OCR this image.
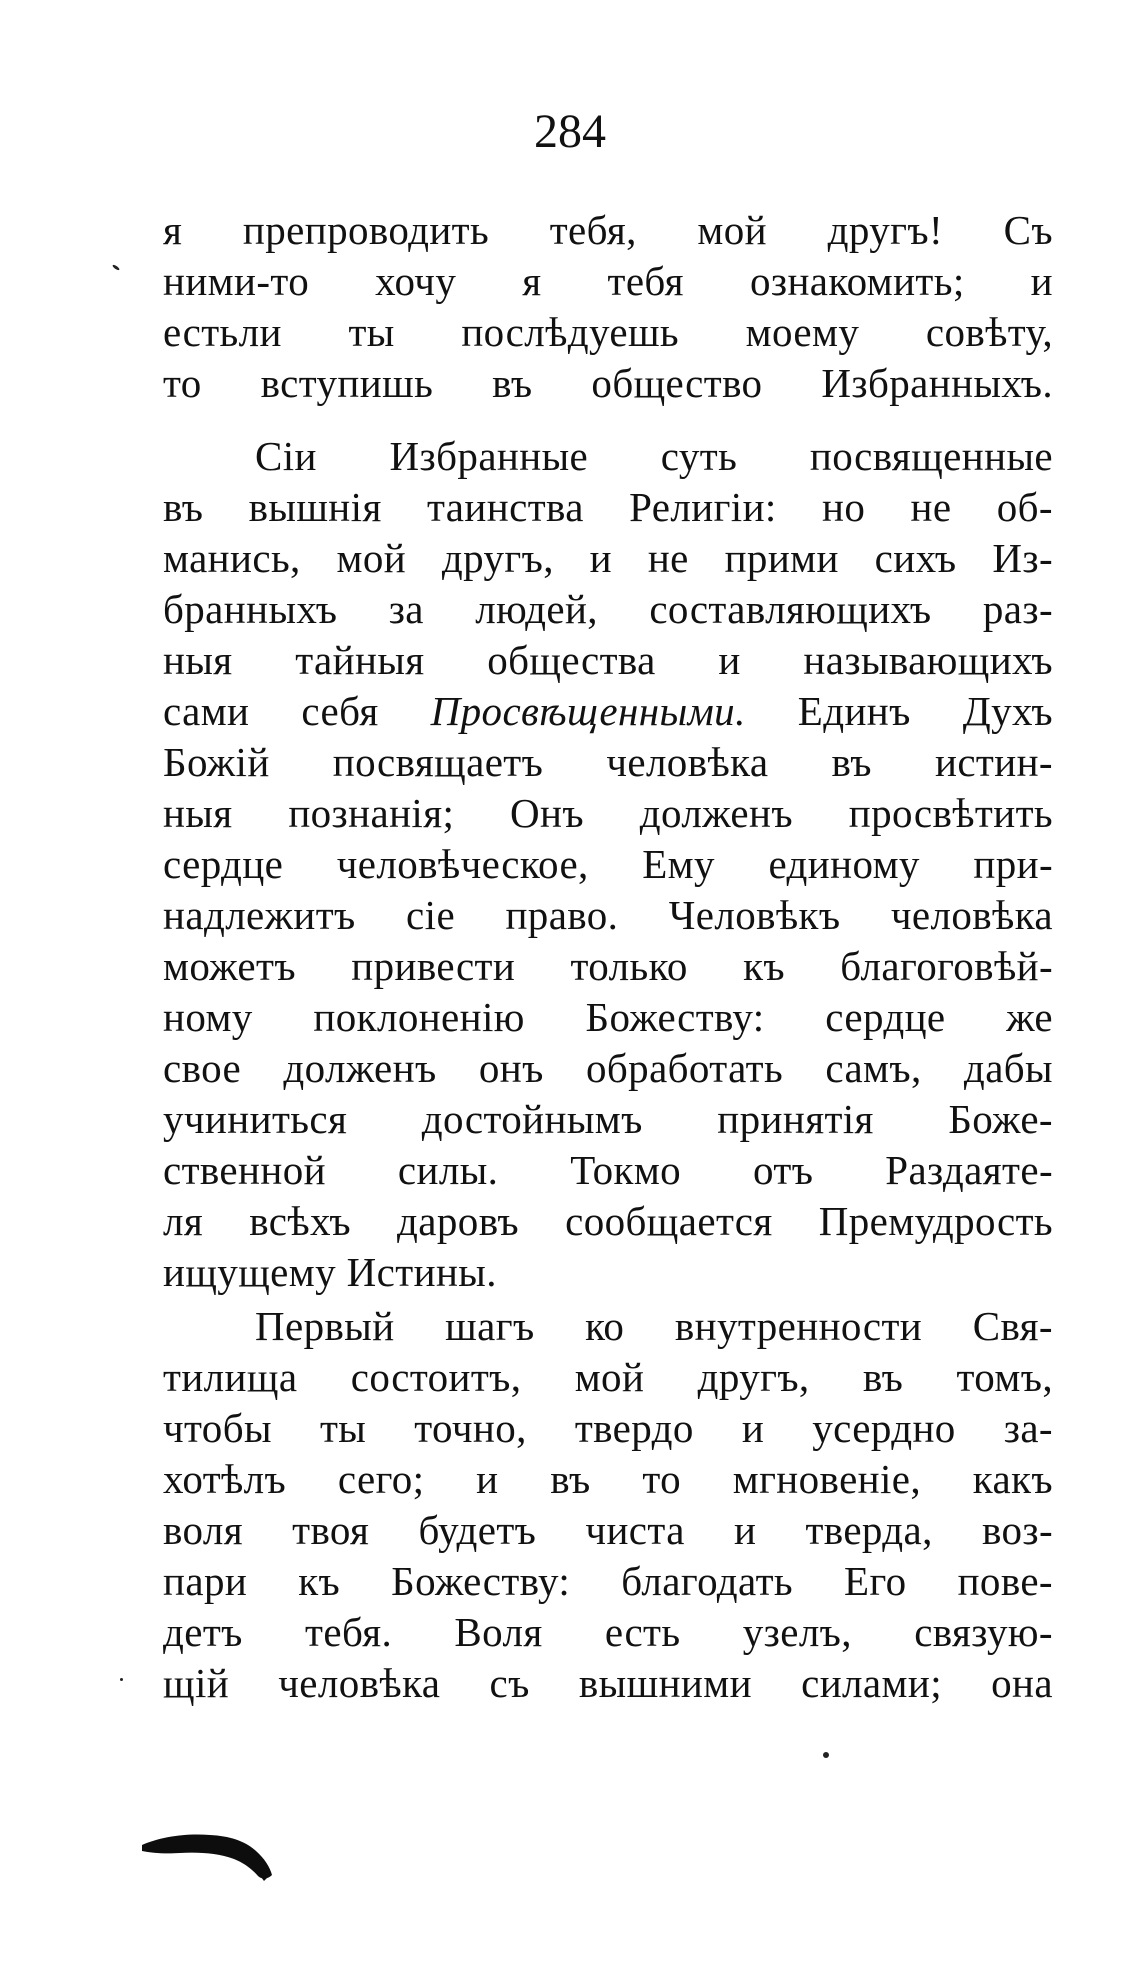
284
я препроводить тебя, мой другъ! Съ
ними-то хочу я тебя ознакомить; и
естьли ты послѣдуешь моему совѣту,
то вступишь въ общество Избранныхъ.
Сіи Избранные суть посвященные
въ вышнія таинства Религіи: но не об-
манись, мой другъ, и не прими сихъ Из-
бранныхъ за людей, составляющихъ раз-
ныя тайныя общества и называющихъ
сами себя Просвѣщенными. Единъ Духъ
Божій посвящаетъ человѣка въ истин-
ныя познанія; Онъ долженъ просвѣтить
сердце человѣческое, Ему единому при-
надлежитъ сіе право. Человѣкъ человѣка
можетъ привести только къ благоговѣй-
ному поклоненію Божеству: сердце же
свое долженъ онъ обработать самъ, дабы
учиниться достойнымъ принятія Боже-
ственной силы. Токмо отъ Раздаяте-
ля всѣхъ даровъ сообщается Премудрость
ищущему Истины.
Первый шагъ ко внутренности Свя-
тилища состоитъ, мой другъ, въ томъ,
чтобы ты точно, твердо и усердно за-
хотѣлъ сего; и въ то мгновеніе, какъ
воля твоя будетъ чиста и тверда, воз-
пари къ Божеству: благодать Его пове-
детъ тебя. Воля есть узелъ, связую-
щій человѣка съ вышними силами; она
